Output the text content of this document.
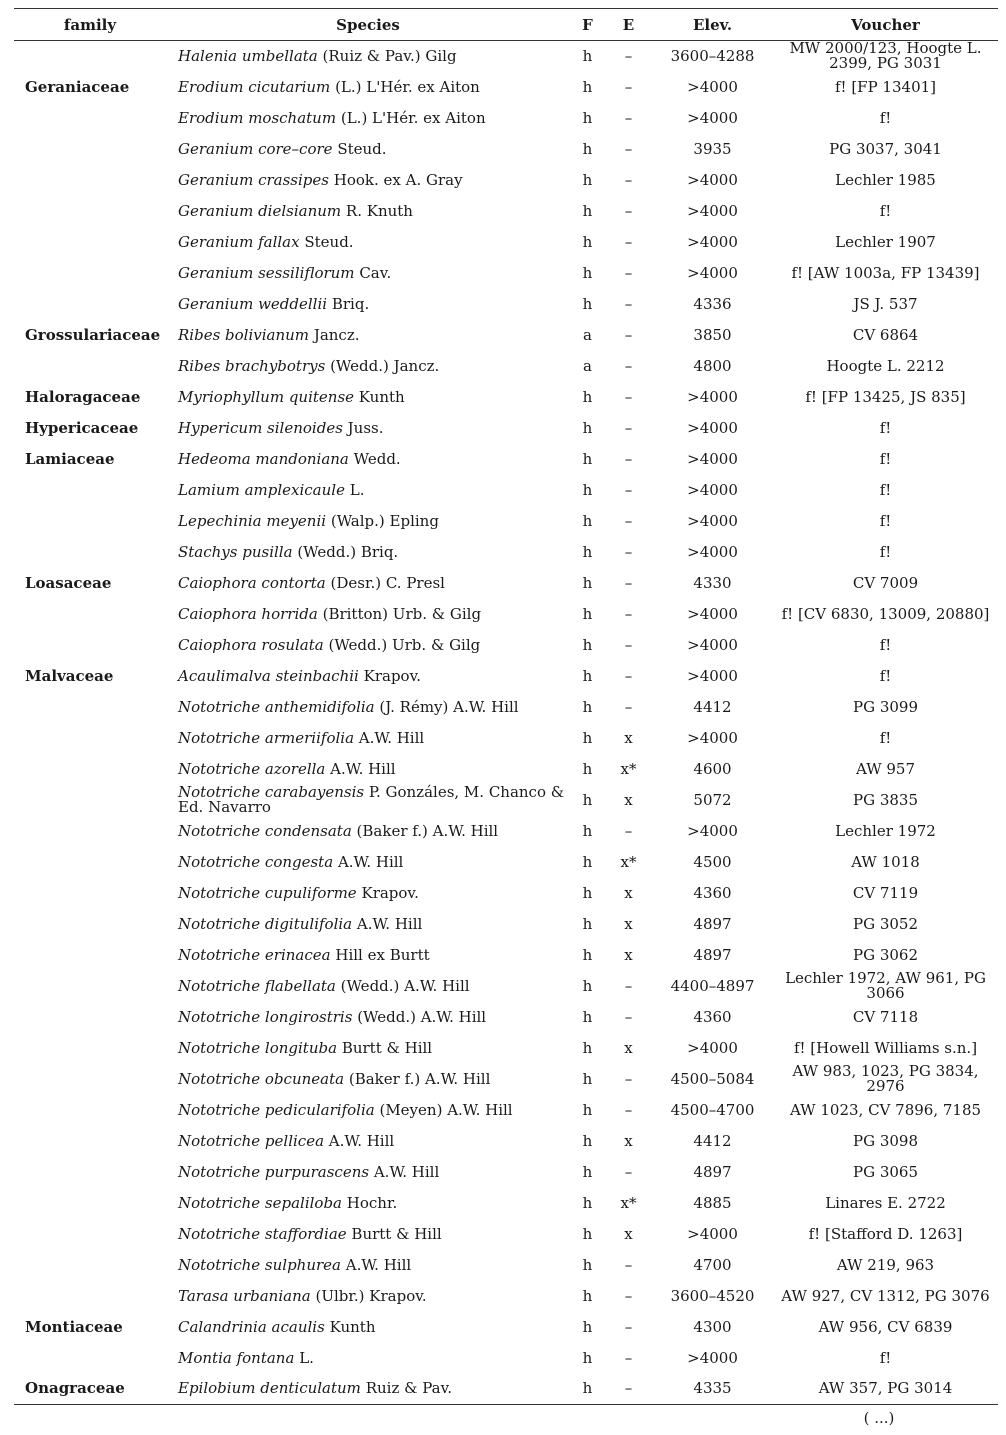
family	Species	F	E	Elev.	Voucher
	Halenia umbellata (Ruiz & Pav.) Gilg	h	–	3600–4288	MW 2000/123, Hoogte L. 2399, PG 3031
Geraniaceae	Erodium cicutarium (L.) L'Hér. ex Aiton	h	–	>4000	f! [FP 13401]
	Erodium moschatum (L.) L'Hér. ex Aiton	h	–	>4000	f!
	Geranium core–core Steud.	h	–	3935	PG 3037, 3041
	Geranium crassipes Hook. ex A. Gray	h	–	>4000	Lechler 1985
	Geranium dielsianum R. Knuth	h	–	>4000	f!
	Geranium fallax Steud.	h	–	>4000	Lechler 1907
	Geranium sessiliflorum Cav.	h	–	>4000	f! [AW 1003a, FP 13439]
	Geranium weddellii Briq.	h	–	4336	JS J. 537
Grossulariaceae	Ribes bolivianum Jancz.	a	–	3850	CV 6864
	Ribes brachybotrys (Wedd.) Jancz.	a	–	4800	Hoogte L. 2212
Haloragaceae	Myriophyllum quitense Kunth	h	–	>4000	f! [FP 13425, JS 835]
Hypericaceae	Hypericum silenoides Juss.	h	–	>4000	f!
Lamiaceae	Hedeoma mandoniana Wedd.	h	–	>4000	f!
	Lamium amplexicaule L.	h	–	>4000	f!
	Lepechinia meyenii (Walp.) Epling	h	–	>4000	f!
	Stachys pusilla (Wedd.) Briq.	h	–	>4000	f!
Loasaceae	Caiophora contorta (Desr.) C. Presl	h	–	4330	CV 7009
	Caiophora horrida (Britton) Urb. & Gilg	h	–	>4000	f! [CV 6830, 13009, 20880]
	Caiophora rosulata (Wedd.) Urb. & Gilg	h	–	>4000	f!
Malvaceae	Acaulimalva steinbachii Krapov.	h	–	>4000	f!
	Nototriche anthemidifolia (J. Rémy) A.W. Hill	h	–	4412	PG 3099
	Nototriche armeriifolia A.W. Hill	h	x	>4000	f!
	Nototriche azorella A.W. Hill	h	x*	4600	AW 957
	Nototriche carabayensis P. Gonzáles, M. Chanco & Ed. Navarro	h	x	5072	PG 3835
	Nototriche condensata (Baker f.) A.W. Hill	h	–	>4000	Lechler 1972
	Nototriche congesta A.W. Hill	h	x*	4500	AW 1018
	Nototriche cupuliforme Krapov.	h	x	4360	CV 7119
	Nototriche digitulifolia A.W. Hill	h	x	4897	PG 3052
	Nototriche erinacea Hill ex Burtt	h	x	4897	PG 3062
	Nototriche flabellata (Wedd.) A.W. Hill	h	–	4400–4897	Lechler 1972, AW 961, PG 3066
	Nototriche longirostris (Wedd.) A.W. Hill	h	–	4360	CV 7118
	Nototriche longituba Burtt & Hill	h	x	>4000	f! [Howell Williams s.n.]
	Nototriche obcuneata (Baker f.) A.W. Hill	h	–	4500–5084	AW 983, 1023, PG 3834, 2976
	Nototriche pedicularifolia (Meyen) A.W. Hill	h	–	4500–4700	AW 1023, CV 7896, 7185
	Nototriche pellicea A.W. Hill	h	x	4412	PG 3098
	Nototriche purpurascens A.W. Hill	h	–	4897	PG 3065
	Nototriche sepaliloba Hochr.	h	x*	4885	Linares E. 2722
	Nototriche staffordiae Burtt & Hill	h	x	>4000	f! [Stafford D. 1263]
	Nototriche sulphurea A.W. Hill	h	–	4700	AW 219, 963
	Tarasa urbaniana (Ulbr.) Krapov.	h	–	3600–4520	AW 927, CV 1312, PG 3076
Montiaceae	Calandrinia acaulis Kunth	h	–	4300	AW 956, CV 6839
	Montia fontana L.	h	–	>4000	f!
Onagraceae	Epilobium denticulatum Ruiz & Pav.	h	–	4335	AW 357, PG 3014
( ...)
